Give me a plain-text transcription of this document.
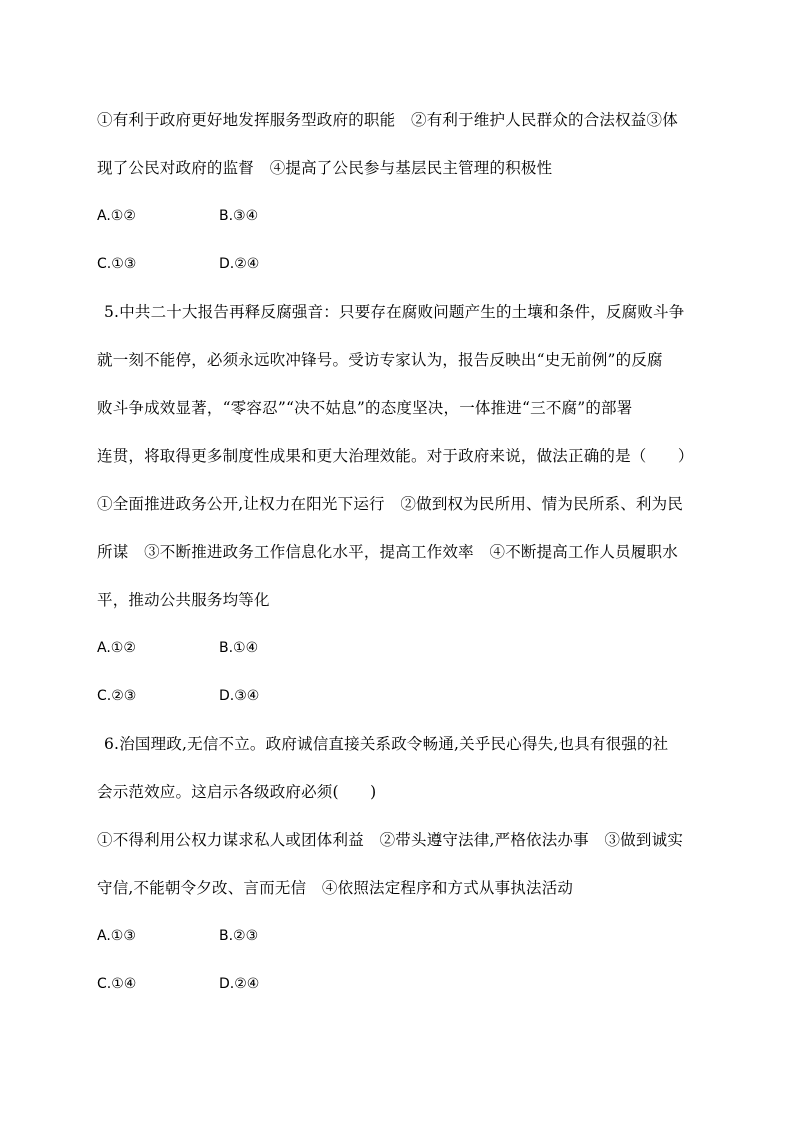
①有利于政府更好地发挥服务型政府的职能　②有利于维护人民群众的合法权益③体
现了公民对政府的监督　④提高了公民参与基层民主管理的积极性
A.①②	B.③④
C.①③	D.②④
5.中共二十大报告再释反腐强音：只要存在腐败问题产生的土壤和条件，反腐败斗争
就一刻不能停，必须永远吹冲锋号。受访专家认为，报告反映出“史无前例”的反腐
败斗争成效显著，“零容忍”“决不姑息”的态度坚决，一体推进“三不腐”的部署
连贯，将取得更多制度性成果和更大治理效能。对于政府来说，做法正确的是（　　）
①全面推进政务公开,让权力在阳光下运行　②做到权为民所用、情为民所系、利为民
所谋　③不断推进政务工作信息化水平，提高工作效率　④不断提高工作人员履职水
平，推动公共服务均等化
A.①②	B.①④
C.②③	D.③④
6.治国理政,无信不立。政府诚信直接关系政令畅通,关乎民心得失,也具有很强的社
会示范效应。这启示各级政府必须(　　)
①不得利用公权力谋求私人或团体利益　②带头遵守法律,严格依法办事　③做到诚实
守信,不能朝令夕改、言而无信　④依照法定程序和方式从事执法活动
A.①③	B.②③
C.①④	D.②④
